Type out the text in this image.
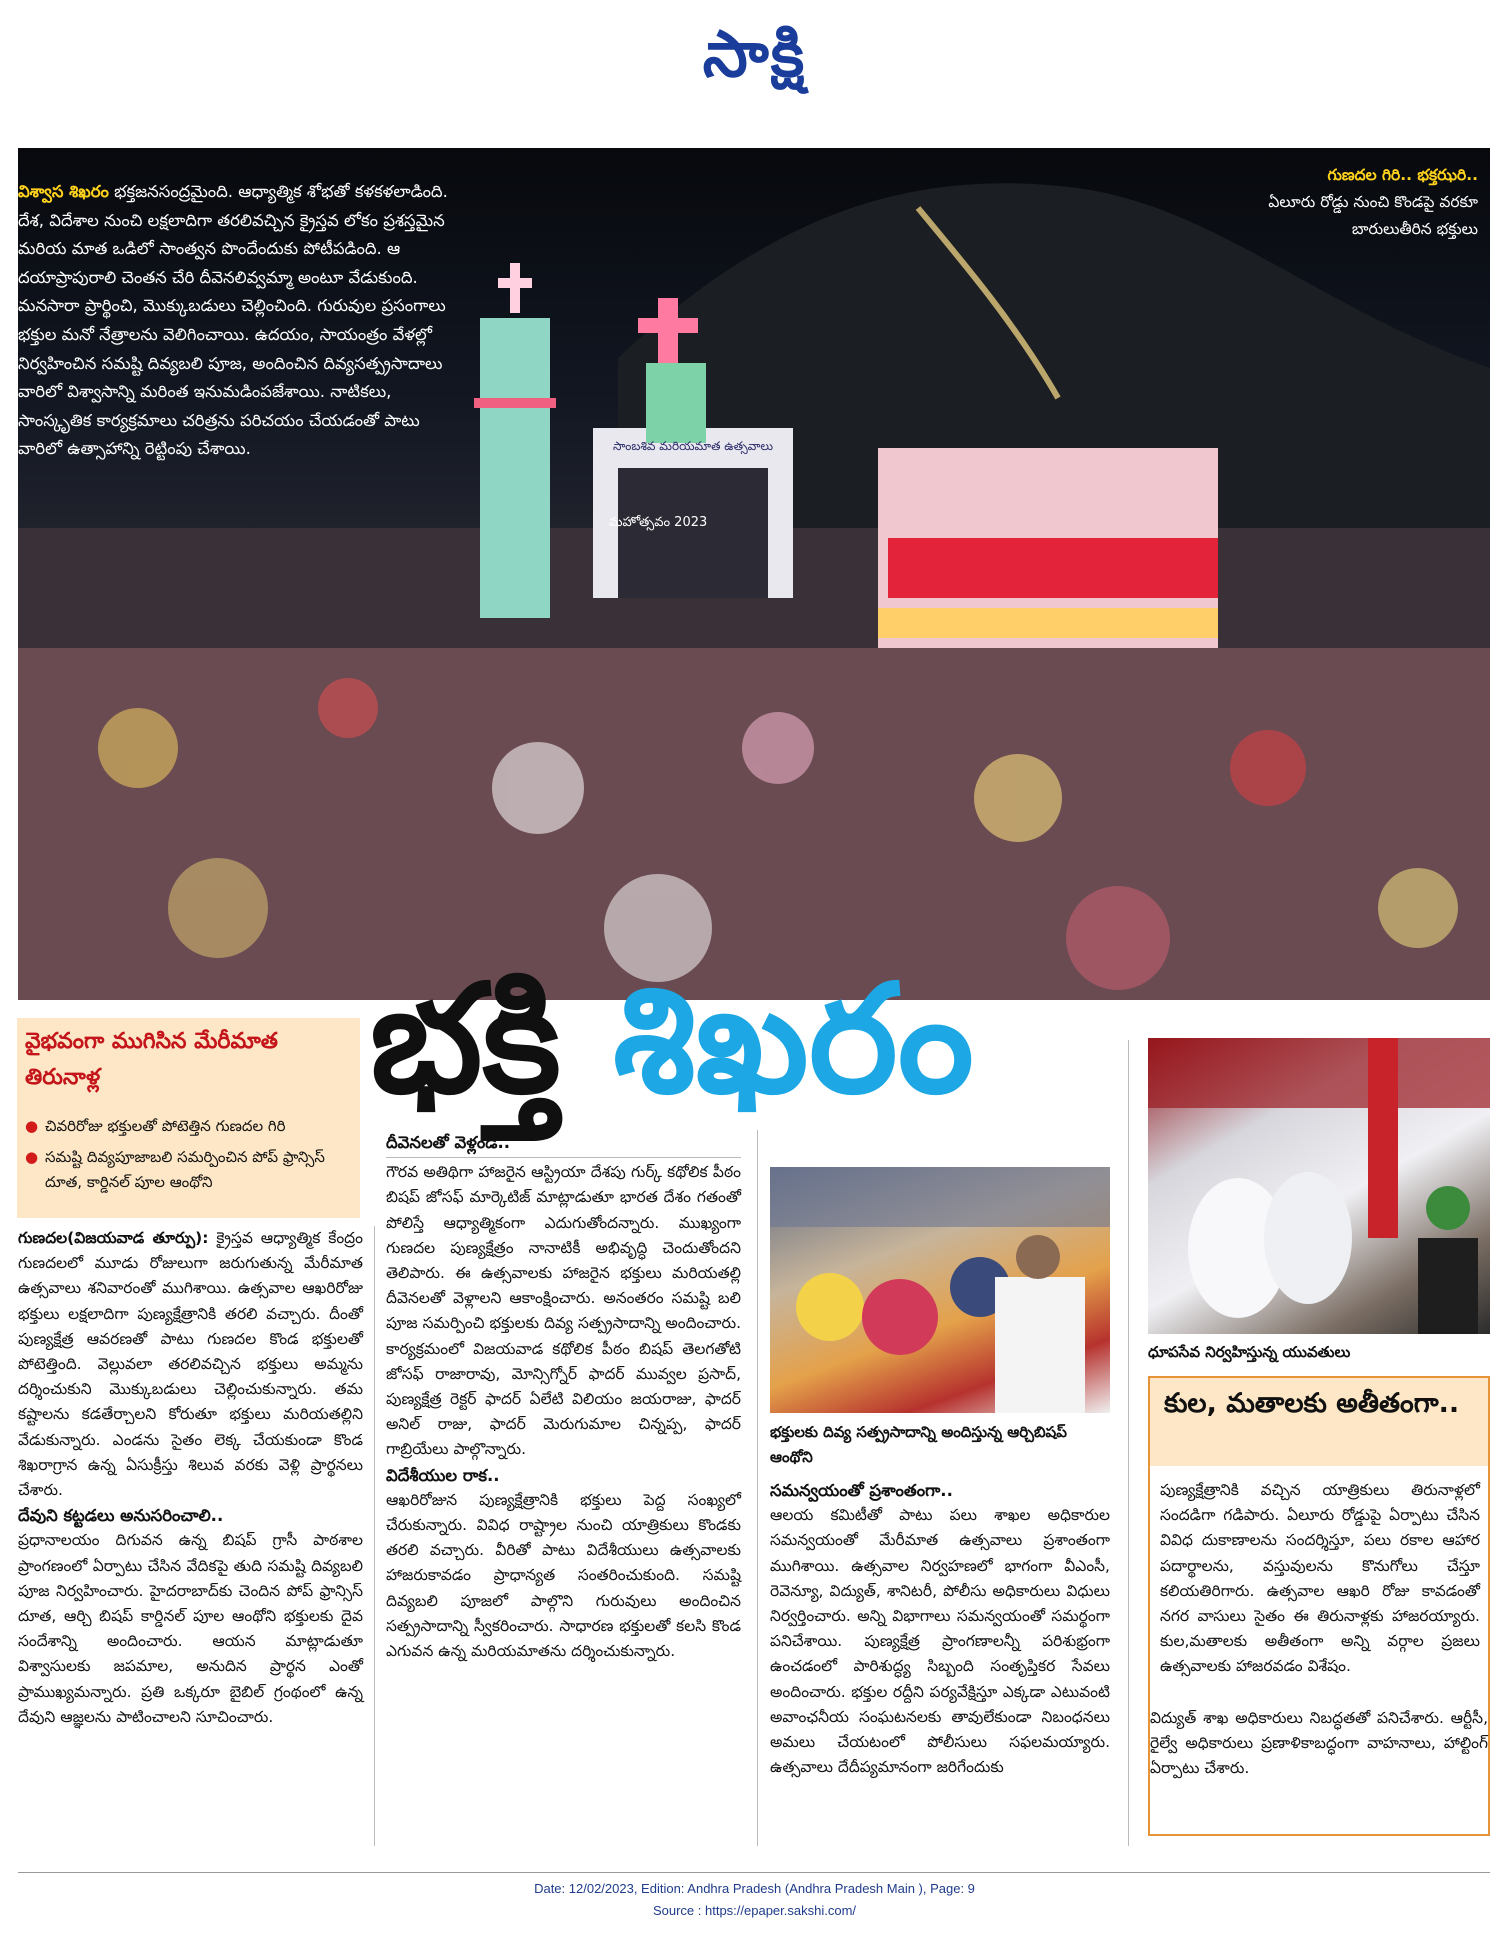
సాక్షి
సాంబశివ మరియమాత ఉత్సవాలు
మహోత్సవం 2023
విశ్వాస శిఖరం భక్తజనసంద్రమైంది. ఆధ్యాత్మిక శోభతో కళకళలాడింది. దేశ, విదేశాల నుంచి లక్షలాదిగా తరలివచ్చిన క్రైస్తవ లోకం ప్రశస్తమైన మరియ మాత ఒడిలో సాంత్వన పొందేందుకు పోటీపడింది. ఆ దయాప్రాపురాలి చెంతన చేరి దీవెనలివ్వమ్మా అంటూ వేడుకుంది. మనసారా ప్రార్థించి, మొక్కుబడులు చెల్లించింది. గురువుల ప్రసంగాలు భక్తుల మనో నేత్రాలను వెలిగించాయి. ఉదయం, సాయంత్రం వేళల్లో నిర్వహించిన సమష్టి దివ్యబలి పూజ, అందించిన దివ్యసత్ప్రసాదాలు వారిలో విశ్వాసాన్ని మరింత ఇనుమడింపజేశాయి. నాటికలు, సాంస్కృతిక కార్యక్రమాలు చరిత్రను పరిచయం చేయడంతో పాటు వారిలో ఉత్సాహాన్ని రెట్టింపు చేశాయి.
గుణదల గిరి.. భక్తఝరి..
ఏలూరు రోడ్డు నుంచి కొండపై వరకూ బారులుతీరిన భక్తులు
భక్తి శిఖరం
వైభవంగా ముగిసిన మేరీమాత తిరునాళ్ల
● చివరిరోజు భక్తులతో పోటెత్తిన గుణదల గిరి
● సమష్టి దివ్యపూజాబలి సమర్పించిన పోప్ ఫ్రాన్సిస్ దూత, కార్డినల్ పూల ఆంథోని
గుణదల(విజయవాడ తూర్పు): క్రైస్తవ ఆధ్యాత్మిక కేంద్రం గుణదలలో మూడు రోజులుగా జరుగుతున్న మేరీమాత ఉత్సవాలు శనివారంతో ముగిశాయి. ఉత్సవాల ఆఖరిరోజు భక్తులు లక్షలాదిగా పుణ్యక్షేత్రానికి తరలి వచ్చారు. దీంతో పుణ్యక్షేత్ర ఆవరణతో పాటు గుణదల కొండ భక్తులతో పోటెత్తింది. వెల్లువలా తరలివచ్చిన భక్తులు అమ్మను దర్శించుకుని మొక్కుబడులు చెల్లించుకున్నారు. తమ కష్టాలను కడతేర్చాలని కోరుతూ భక్తులు మరియతల్లిని వేడుకున్నారు. ఎండను సైతం లెక్క చేయకుండా కొండ శిఖరాగ్రాన ఉన్న ఏసుక్రీస్తు శిలువ వరకు వెళ్లి ప్రార్థనలు చేశారు.
దేవుని కట్టడలు అనుసరించాలి..
ప్రధానాలయం దిగువన ఉన్న బిషప్ గ్రాసీ పాఠశాల ప్రాంగణంలో ఏర్పాటు చేసిన వేదికపై తుది సమష్టి దివ్యబలి పూజ నిర్వహించారు. హైదరాబాద్‌కు చెందిన పోప్ ఫ్రాన్సిస్ దూత, ఆర్చి బిషప్ కార్డినల్ పూల ఆంథోని భక్తులకు దైవ సందేశాన్ని అందించారు. ఆయన మాట్లాడుతూ విశ్వాసులకు జపమాల, అనుదిన ప్రార్థన ఎంతో ప్రాముఖ్యమన్నారు. ప్రతి ఒక్కరూ బైబిల్ గ్రంథంలో ఉన్న దేవుని ఆజ్ఞలను పాటించాలని సూచించారు.
దీవెనలతో వెళ్లండి..
గౌరవ అతిథిగా హాజరైన ఆస్ట్రియా దేశపు గుర్క్ కథోలిక పీఠం బిషప్ జోసఫ్ మార్కెటిజ్ మాట్లాడుతూ భారత దేశం గతంతో పోలిస్తే ఆధ్యాత్మికంగా ఎదుగుతోందన్నారు. ముఖ్యంగా గుణదల పుణ్యక్షేత్రం నానాటికీ అభివృద్ధి చెందుతోందని తెలిపారు. ఈ ఉత్సవాలకు హాజరైన భక్తులు మరియతల్లి దీవెనలతో వెళ్లాలని ఆకాంక్షించారు. అనంతరం సమష్టి బలి పూజ సమర్పించి భక్తులకు దివ్య సత్ప్రసాదాన్ని అందించారు. కార్యక్రమంలో విజయవాడ కథోలిక పీఠం బిషప్ తెలగతోటి జోసఫ్ రాజారావు, మోన్సిగ్నోర్ ఫాదర్ మువ్వల ప్రసాద్, పుణ్యక్షేత్ర రెక్టర్ ఫాదర్ ఏలేటి విలియం జయరాజు, ఫాదర్ అనిల్ రాజు, ఫాదర్ మెరుగుమాల చిన్నప్ప, ఫాదర్ గాబ్రియేలు పాల్గొన్నారు.
విదేశీయుల రాక..
ఆఖరిరోజున పుణ్యక్షేత్రానికి భక్తులు పెద్ద సంఖ్యలో చేరుకున్నారు. వివిధ రాష్ట్రాల నుంచి యాత్రికులు కొండకు తరలి వచ్చారు. వీరితో పాటు విదేశీయులు ఉత్సవాలకు హాజరుకావడం ప్రాధాన్యత సంతరించుకుంది. సమష్టి దివ్యబలి పూజలో పాల్గొని గురువులు అందించిన సత్ప్రసాదాన్ని స్వీకరించారు. సాధారణ భక్తులతో కలసి కొండ ఎగువన ఉన్న మరియమాతను దర్శించుకున్నారు.
భక్తులకు దివ్య సత్ప్రసాదాన్ని అందిస్తున్న ఆర్చిబిషప్ ఆంథోని
సమన్వయంతో ప్రశాంతంగా..
ఆలయ కమిటీతో పాటు పలు శాఖల అధికారుల సమన్వయంతో మేరీమాత ఉత్సవాలు ప్రశాంతంగా ముగిశాయి. ఉత్సవాల నిర్వహణలో భాగంగా వీఎంసీ, రెవెన్యూ, విద్యుత్, శానిటరీ, పోలీసు అధికారులు విధులు నిర్వర్తించారు. అన్ని విభాగాలు సమన్వయంతో సమర్థంగా పనిచేశాయి. పుణ్యక్షేత్ర ప్రాంగణాలన్నీ పరిశుభ్రంగా ఉంచడంలో పారిశుద్ధ్య సిబ్బంది సంతృప్తికర సేవలు అందించారు. భక్తుల రద్దీని పర్యవేక్షిస్తూ ఎక్కడా ఎటువంటి అవాంఛనీయ సంఘటనలకు తావులేకుండా నిబంధనలు అమలు చేయటంలో పోలీసులు సఫలమయ్యారు. ఉత్సవాలు దేదీప్యమానంగా జరిగేందుకు
ధూపసేవ నిర్వహిస్తున్న యువతులు
కుల, మతాలకు అతీతంగా..
పుణ్యక్షేత్రానికి వచ్చిన యాత్రికులు తిరునాళ్లలో సందడిగా గడిపారు. ఏలూరు రోడ్డుపై ఏర్పాటు చేసిన వివిధ దుకాణాలను సందర్శిస్తూ, పలు రకాల ఆహార పదార్థాలను, వస్తువులను కొనుగోలు చేస్తూ కలియతిరిగారు. ఉత్సవాల ఆఖరి రోజు కావడంతో నగర వాసులు సైతం ఈ తిరునాళ్లకు హాజరయ్యారు. కుల,మతాలకు అతీతంగా అన్ని వర్గాల ప్రజలు ఉత్సవాలకు హాజరవడం విశేషం.
విద్యుత్ శాఖ అధికారులు నిబద్ధతతో పనిచేశారు. ఆర్టీసీ, రైల్వే అధికారులు ప్రణాళికాబద్ధంగా వాహనాలు, హాల్టింగ్ ఏర్పాటు చేశారు.
Date: 12/02/2023, Edition: Andhra Pradesh (Andhra Pradesh Main ), Page: 9
Source : https://epaper.sakshi.com/
